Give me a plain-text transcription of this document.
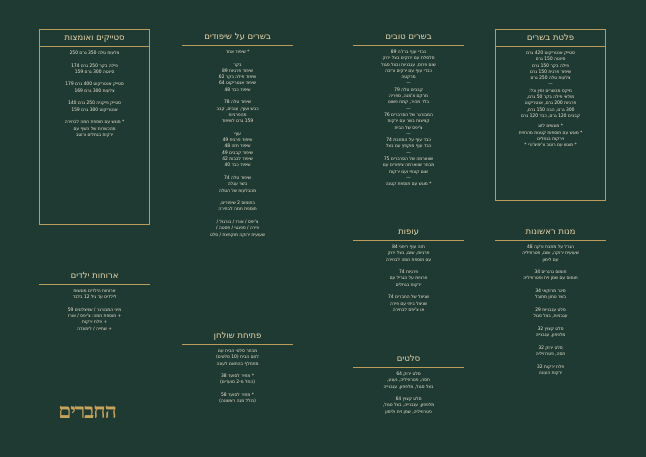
פלטת בשרים
סטייק אנטריקוט 420 גרם
סינטה 150 גרם
פילה בקר 150 גרם
שיפוד פרגית 150 גרם
צלעות טלה 250 גרם
—
מיקס מבשרים זמין ונל:
מולאי פילה בקר 50 גרם,
פרגיות 200 גרם, אנטריקוט
300 גרם, הבה 150 גרם,
קבבים 120 גרם, כבד 120 גרם
* מוגשים לזוג
* מוגש עם תוספות קטנות מהחזית
וירקות בגחלים
* מוגש עם רוטב צ'ימיצ'ורי *
מנות ראשונות
הגרל על מחבת ורקה 48
שעועית ירוקה, שום, פטרוזיליה
עם לימון

חומוס גרגרים 34
חומוס עם שמן זית ופטרוזיליה

סיגר מרוקאי 34
בשר טחון מתובל

סלט עגבניות 29
עגבניות, בצל סגול

סלט קצוץ 32
מלפפון, עגבנייה

סלט ירוק 32
חסה, פטרוזיליה

פלח ירקות 32
ירקות העונה
בשרים טובים
כבדי עוף ברז'ה 89
סלסלת עם ירוקים בצל ירוק
שום פרוס, עגבניות ובצל סגול
כבדי עוף עם ירקים וריבה
מרקטה
—
קבבים טלה 79
מרקם צ'מנה, ספריה
בלד מהיר, קמח פשוט
—
המבורגר של הסרברים 76
קציצות בשר עם ירקות
צ'יפס של הבית
—
כבד עוף על המחבת 74
כבד עוף מוקפץ עם בצל
—
שווארמה של הסרברים 75
מבחר שווארמה ציפורים עם
שום קונפי ועם ירקות
—
* מוגש עם תוספת קטנה
עופות
חזה עוף ריחני 84
פרגיות, שום, בצל ירוק
עם תוספת חמה לבחירה

פרגיות 74
פרגיות על הגריל עם
ירקות בגחלים

שניצל של החברים 74
שניצל ביתי עם פירה
או צ'יפס לבחירה
סלטים
סלט ירוק 64
חסה, פטרוזיליה, נענע,
בצל סגול, מלפפון, עגבנייה

סלט קצוץ 64
מלפפון, עגבנייה, בצל סגול,
פטרוזיליה, שמן זית ולימון
בשרים על שיפודים
* שיפוד אחד

בקר
שיפוד פרגיות 89
שיפוד פילה בקר 62
שיפוד אנטריקוט 64
שיפוד כבד 48

שיפוד טלה 78
כבש ועוף, ענבים, קבב
מהפרגיות
159 גרם לשיפוד

עוף
שיפוד פרגית 49
שיפוד חזה 48
שיפוד קבבים 49
שיפוד לבבות 42
שיפוד כבד 40

שיפוד טלה 74
בשר עגלה
מהבלעות של הטלה

בחומוס 2 שיפודים,
תוספת חמה לבחירה

צ'יפס / אורז / בורגול /
פירה / ספגטי / פסטה /
שעועית ירוקה מוקפצת / סלט
פתיחת שולחן
מבחר סלטי הבית עם
לחם הבית (10 סלטים)
מתחלף בהתאם לעונה

* מחיר לסועד 38
(החל מ-2 סועדים)

* מחיר לסועד 58
(כולל מנה ראשונה)
סטייקים ואומצות
צלעות טלה 350 גרם 250

פילה בקר 250 גרם 174
סינטה 300 גרם 159

סטייק אנטריקוט 400 גרם 179
צלעות 300 גרם 169

סטייק פיקניה 250 גרם 140
אנטריקוט 300 גרם 159

* מוגש עם תוספת חמה לבחירה
מהכשרות של השף עם
ירקות בגחלים ורוטב
ארוחות ילדים
ארוחות הילדים מוגשות
לילדים עד גיל 12 בלבד

מיני המבורגר / שניצלונים 59
+ תוספת חמה: צ'יפס / אורז
+ פלח ירקות
+ שתייה / לימונדה
החברים
